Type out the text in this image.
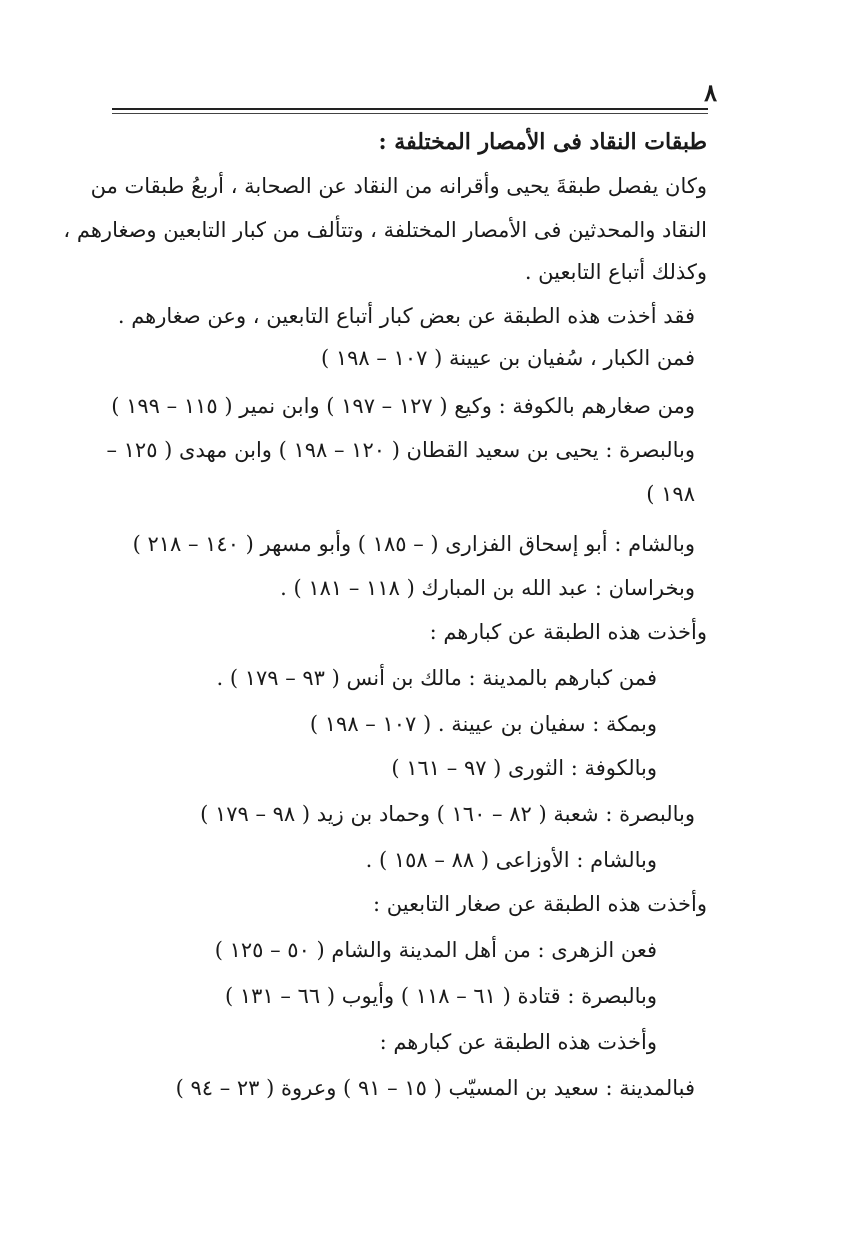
٨
طبقات النقاد فى الأمصار المختلفة :
وكان يفصل طبقةَ يحيى وأقرانه من النقاد عن الصحابة ، أربعُ طبقات من
النقاد والمحدثين فى الأمصار المختلفة ، وتتألف من كبار التابعين وصغارهم ،
وكذلك أتباع التابعين .
فقد أخذت هذه الطبقة عن بعض كبار أتباع التابعين ، وعن صغارهم .
فمن الكبار ، سُفيان بن عيينة ( ١٠٧ – ١٩٨ )
ومن صغارهم بالكوفة : وكيع ( ١٢٧ – ١٩٧ ) وابن نمير ( ١١٥ – ١٩٩ )
وبالبصرة : يحيى بن سعيد القطان ( ١٢٠ – ١٩٨ ) وابن مهدى ( ١٢٥ –
١٩٨ )
وبالشام : أبو إسحاق الفزارى ( – ١٨٥ ) وأبو مسهر ( ١٤٠ – ٢١٨ )
وبخراسان : عبد الله بن المبارك ( ١١٨ – ١٨١ ) .
وأخذت هذه الطبقة عن كبارهم :
فمن كبارهم بالمدينة : مالك بن أنس ( ٩٣ – ١٧٩ ) .
وبمكة : سفيان بن عيينة . ( ١٠٧ – ١٩٨ )
وبالكوفة : الثورى ( ٩٧ – ١٦١ )
وبالبصرة : شعبة ( ٨٢ – ١٦٠ ) وحماد بن زيد ( ٩٨ – ١٧٩ )
وبالشام : الأوزاعى ( ٨٨ – ١٥٨ ) .
وأخذت هذه الطبقة عن صغار التابعين :
فعن الزهرى : من أهل المدينة والشام ( ٥٠ – ١٢٥ )
وبالبصرة : قتادة ( ٦١ – ١١٨ ) وأيوب ( ٦٦ – ١٣١ )
وأخذت هذه الطبقة عن كبارهم :
فبالمدينة : سعيد بن المسيّب ( ١٥ – ٩١ ) وعروة ( ٢٣ – ٩٤ )
